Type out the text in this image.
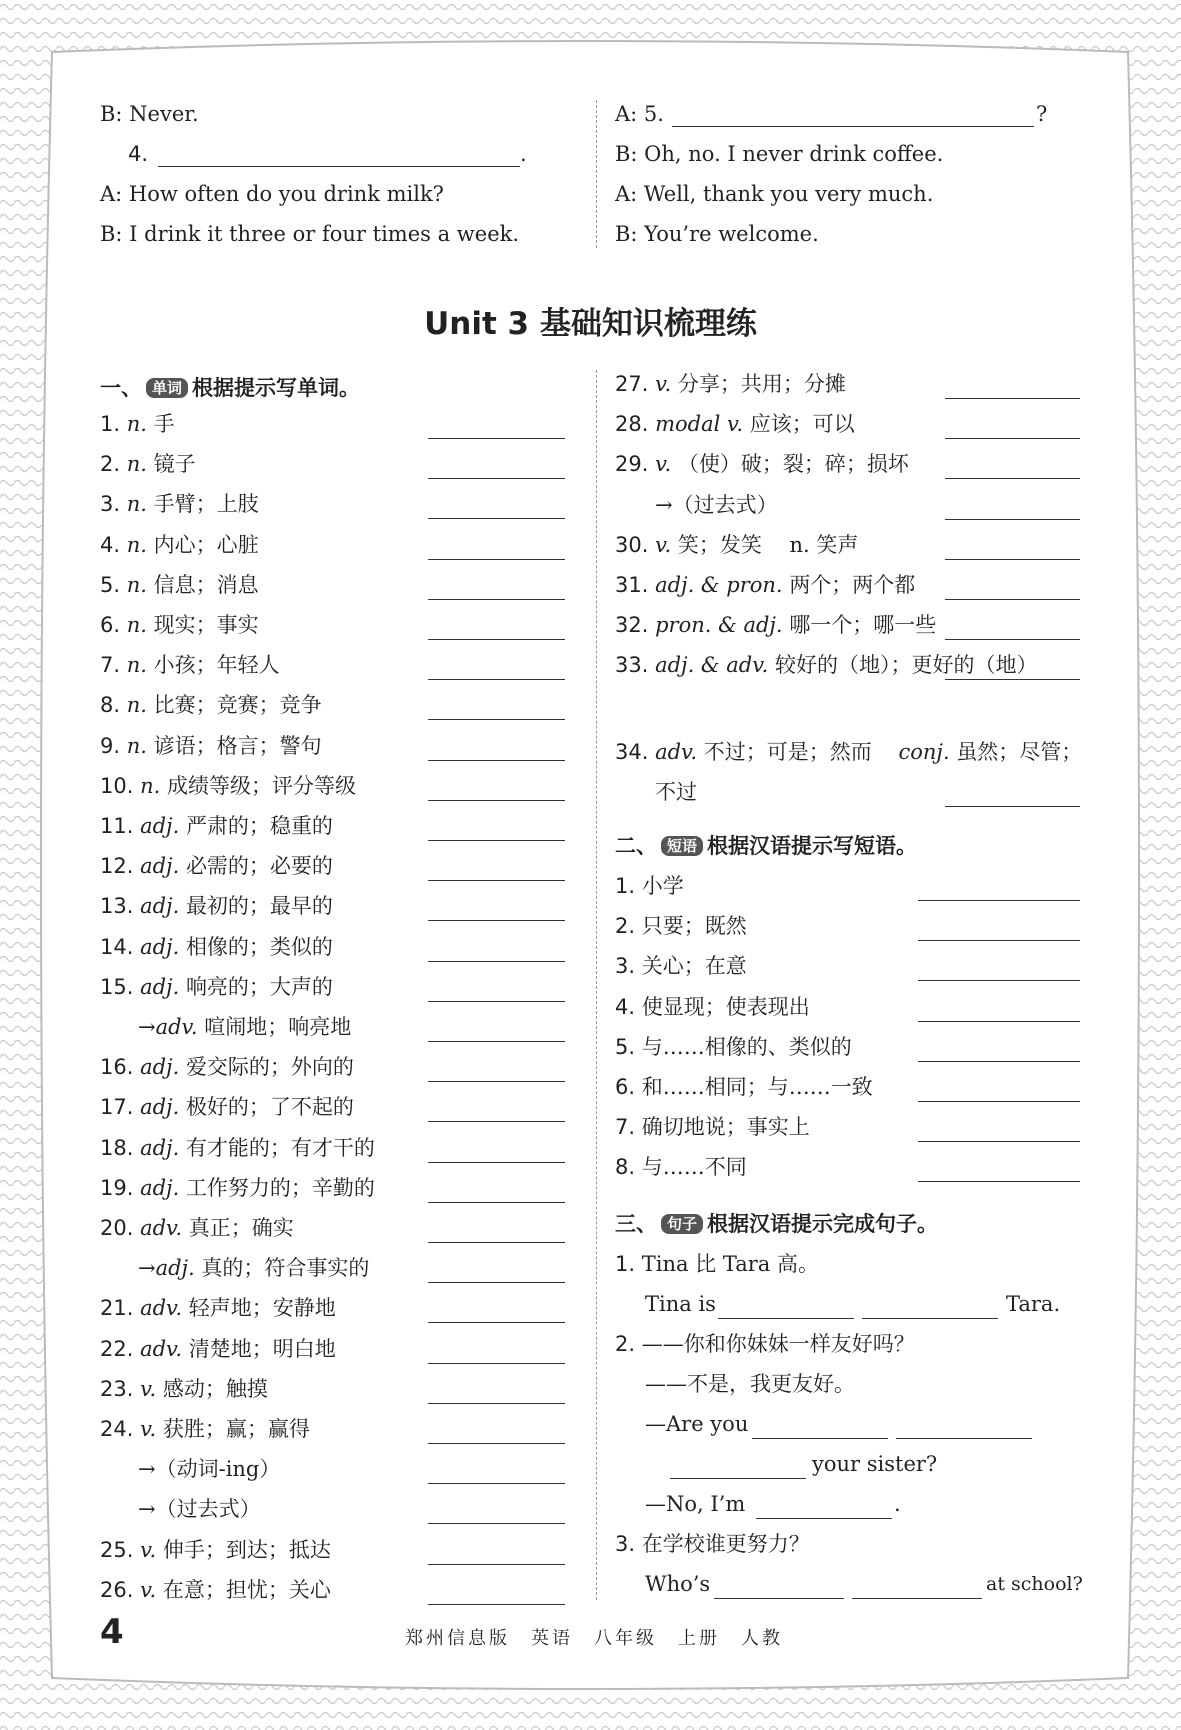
B: Never.
4.	.
A: How often do you drink milk?
B: I drink it three or four times a week.
A: 5.	?
B: Oh, no. I never drink coffee.
A: Well, thank you very much.
B: You’re welcome.
Unit 3 基础知识梳理练
一、 单词 根据提示写单词。
1. n. 手
2. n. 镜子
3. n. 手臂；上肢
4. n. 内心；心脏
5. n. 信息；消息
6. n. 现实；事实
7. n. 小孩；年轻人
8. n. 比赛；竞赛；竞争
9. n. 谚语；格言；警句
10. n. 成绩等级；评分等级
11. adj. 严肃的；稳重的
12. adj. 必需的；必要的
13. adj. 最初的；最早的
14. adj. 相像的；类似的
15. adj. 响亮的；大声的
→adv. 喧闹地；响亮地
16. adj. 爱交际的；外向的
17. adj. 极好的；了不起的
18. adj. 有才能的；有才干的
19. adj. 工作努力的；辛勤的
20. adv. 真正；确实
→adj. 真的；符合事实的
21. adv. 轻声地；安静地
22. adv. 清楚地；明白地
23. v. 感动；触摸
24. v. 获胜；赢；赢得
→（动词-ing）
→（过去式）
25. v. 伸手；到达；抵达
26. v. 在意；担忧；关心
27. v. 分享；共用；分摊
28. modal v. 应该；可以
29. v. （使）破；裂；碎；损坏
→（过去式）
30. v. 笑；发笑　 n. 笑声
31. adj. & pron. 两个；两个都
32. pron. & adj. 哪一个；哪一些
33. adj. & adv. 较好的（地）；更好的（地）
34. adv. 不过；可是；然而 conj. 虽然；尽管；
不过
二、 短语 根据汉语提示写短语。
1. 小学
2. 只要；既然
3. 关心；在意
4. 使显现；使表现出
5. 与……相像的、类似的
6. 和……相同；与……一致
7. 确切地说；事实上
8. 与……不同
三、 句子 根据汉语提示完成句子。
1. Tina 比 Tara 高。
Tina is	Tara.
2. ——你和你妹妹一样友好吗？
——不是，我更友好。
—Are you
your sister?
—No, I’m	.
3. 在学校谁更努力？
Who’s	at school?
4	郑州信息版　英语　八年级　上册　人教
